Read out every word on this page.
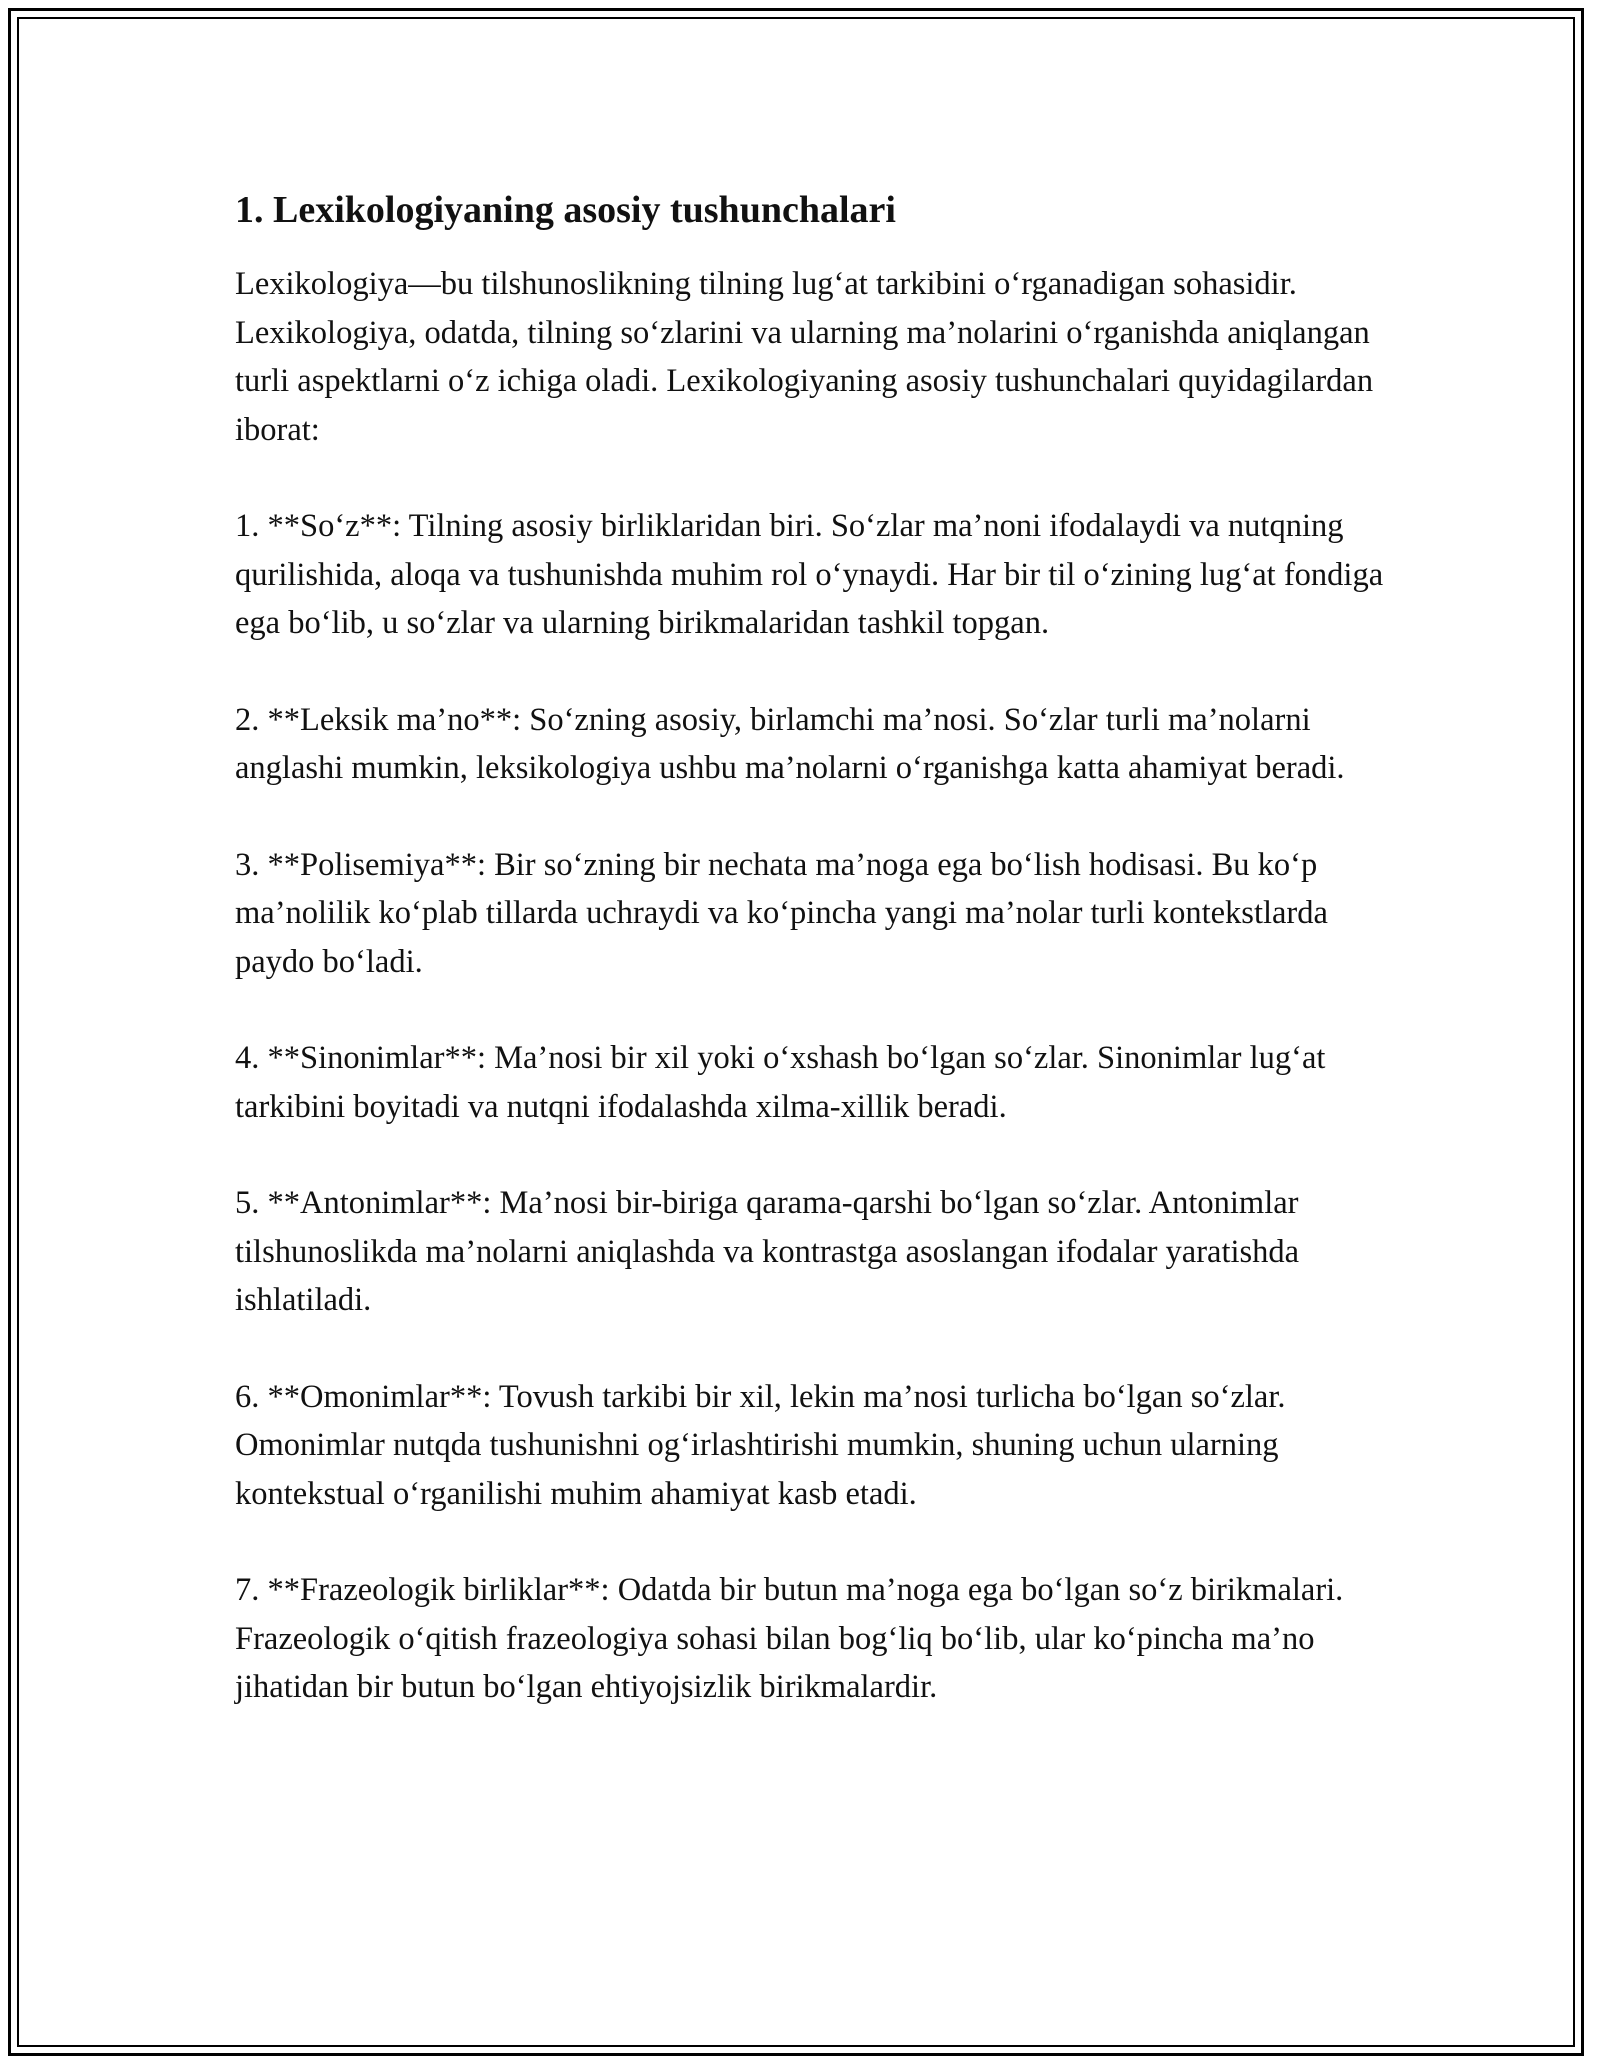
1. Lexikologiyaning asosiy tushunchalari

Lexikologiya—bu tilshunoslikning tilning lug‘at tarkibini o‘rganadigan sohasidir. Lexikologiya, odatda, tilning so‘zlarini va ularning ma’nolarini o‘rganishda aniqlangan turli aspektlarni o‘z ichiga oladi. Lexikologiyaning asosiy tushunchalari quyidagilardan iborat:

1. **So‘z**: Tilning asosiy birliklaridan biri. So‘zlar ma’noni ifodalaydi va nutqning qurilishida, aloqa va tushunishda muhim rol o‘ynaydi. Har bir til o‘zining lug‘at fondiga ega bo‘lib, u so‘zlar va ularning birikmalaridan tashkil topgan.

2. **Leksik ma’no**: So‘zning asosiy, birlamchi ma’nosi. So‘zlar turli ma’nolarni anglashi mumkin, leksikologiya ushbu ma’nolarni o‘rganishga katta ahamiyat beradi.

3. **Polisemiya**: Bir so‘zning bir nechata ma’noga ega bo‘lish hodisasi. Bu ko‘p ma’nolilik ko‘plab tillarda uchraydi va ko‘pincha yangi ma’nolar turli kontekstlarda paydo bo‘ladi.

4. **Sinonimlar**: Ma’nosi bir xil yoki o‘xshash bo‘lgan so‘zlar. Sinonimlar lug‘at tarkibini boyitadi va nutqni ifodalashda xilma-xillik beradi.

5. **Antonimlar**: Ma’nosi bir-biriga qarama-qarshi bo‘lgan so‘zlar. Antonimlar tilshunoslikda ma’nolarni aniqlashda va kontrastga asoslangan ifodalar yaratishda ishlatiladi.

6. **Omonimlar**: Tovush tarkibi bir xil, lekin ma’nosi turlicha bo‘lgan so‘zlar. Omonimlar nutqda tushunishni og‘irlashtirishi mumkin, shuning uchun ularning kontekstual o‘rganilishi muhim ahamiyat kasb etadi.

7. **Frazeologik birliklar**: Odatda bir butun ma’noga ega bo‘lgan so‘z birikmalari. Frazeologik o‘qitish frazeologiya sohasi bilan bog‘liq bo‘lib, ular ko‘pincha ma’no jihatidan bir butun bo‘lgan ehtiyojsizlik birikmalardir.
